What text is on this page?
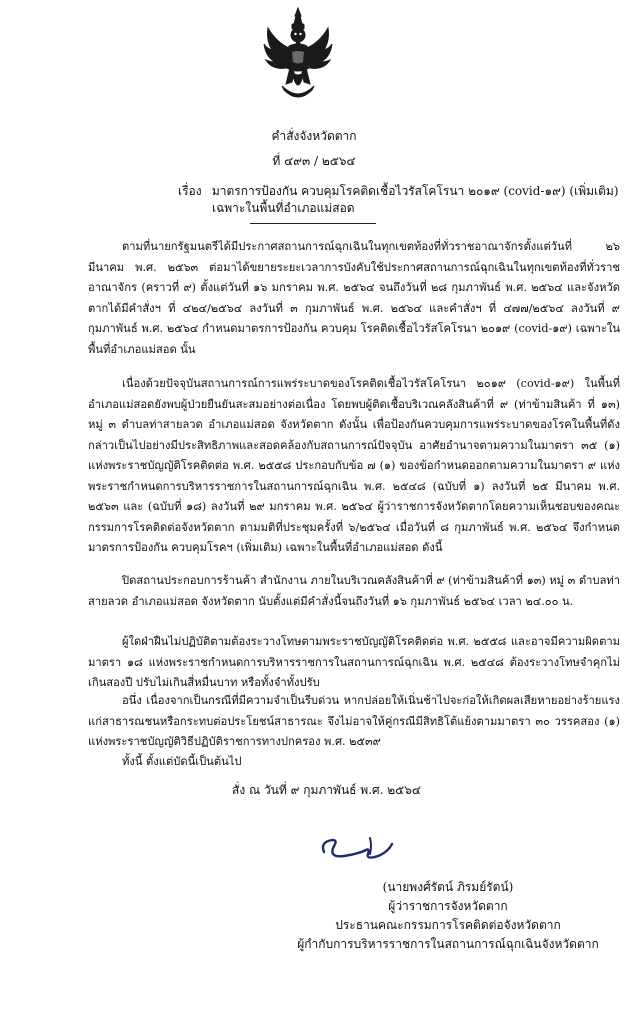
คำสั่งจังหวัดตาก
ที่ ๔๙๓ / ๒๕๖๔
เรื่อง มาตรการป้องกัน ควบคุมโรคติดเชื้อไวรัสโคโรนา ๒๐๑๙ (covid-๑๙) (เพิ่มเติม)
เฉพาะในพื้นที่อำเภอแม่สอด

ตามที่นายกรัฐมนตรีได้มีประกาศสถานการณ์ฉุกเฉินในทุกเขตท้องที่ทั่วราชอาณาจักรตั้งแต่วันที่ ๒๖ มีนาคม พ.ศ. ๒๕๖๓ ต่อมาได้ขยายระยะเวลาการบังคับใช้ประกาศสถานการณ์ฉุกเฉินในทุกเขตท้องที่ทั่วราชอาณาจักร (คราวที่ ๙) ตั้งแต่วันที่ ๑๖ มกราคม พ.ศ. ๒๕๖๔ จนถึงวันที่ ๒๘ กุมภาพันธ์ พ.ศ. ๒๕๖๔ และจังหวัดตากได้มีคำสั่งฯ ที่ ๔๒๔/๒๕๖๔ ลงวันที่ ๓ กุมภาพันธ์ พ.ศ. ๒๕๖๔ และคำสั่งฯ ที่ ๔๗๗/๒๕๖๔ ลงวันที่ ๙ กุมภาพันธ์ พ.ศ. ๒๕๖๔ กำหนดมาตรการป้องกัน ควบคุม โรคติดเชื้อไวรัสโคโรนา ๒๐๑๙ (covid-๑๙) เฉพาะในพื้นที่อำเภอแม่สอด นั้น

เนื่องด้วยปัจจุบันสถานการณ์การแพร่ระบาดของโรคติดเชื้อไวรัสโคโรนา ๒๐๑๙ (covid-๑๙) ในพื้นที่ อำเภอแม่สอดยังพบผู้ป่วยยืนยันสะสมอย่างต่อเนื่อง โดยพบผู้ติดเชื้อบริเวณคลังสินค้าที่ ๙ (ท่าข้ามสินค้า ที่ ๑๓) หมู่ ๓ ตำบลท่าสายลวด อำเภอแม่สอด จังหวัดตาก ดังนั้น เพื่อป้องกันควบคุมการแพร่ระบาดของโรคในพื้นที่ดังกล่าวเป็นไปอย่างมีประสิทธิภาพและสอดคล้องกับสถานการณ์ปัจจุบัน อาศัยอำนาจตามความในมาตรา ๓๕ (๑) แห่งพระราชบัญญัติโรคติดต่อ พ.ศ. ๒๕๕๘ ประกอบกับข้อ ๗ (๑) ของข้อกำหนดออกตามความในมาตรา ๙ แห่งพระราชกำหนดการบริหารราชการในสถานการณ์ฉุกเฉิน พ.ศ. ๒๕๔๘ (ฉบับที่ ๑) ลงวันที่ ๒๕ มีนาคม พ.ศ. ๒๕๖๓ และ (ฉบับที่ ๑๘) ลงวันที่ ๒๙ มกราคม พ.ศ. ๒๕๖๔ ผู้ว่าราชการจังหวัดตากโดยความเห็นชอบของคณะกรรมการโรคติดต่อจังหวัดตาก ตามมติที่ประชุมครั้งที่ ๖/๒๕๖๔ เมื่อวันที่ ๘ กุมภาพันธ์ พ.ศ. ๒๕๖๔ จึงกำหนดมาตรการป้องกัน ควบคุมโรคฯ (เพิ่มเติม) เฉพาะในพื้นที่อำเภอแม่สอด ดังนี้

ปิดสถานประกอบการร้านค้า สำนักงาน ภายในบริเวณคลังสินค้าที่ ๙ (ท่าข้ามสินค้าที่ ๑๓) หมู่ ๓ ตำบลท่าสายลวด อำเภอแม่สอด จังหวัดตาก นับตั้งแต่มีคำสั่งนี้จนถึงวันที่ ๑๖ กุมภาพันธ์ ๒๕๖๔ เวลา ๒๔.๐๐ น.

ผู้ใดฝ่าฝืนไม่ปฏิบัติตามต้องระวางโทษตามพระราชบัญญัติโรคติดต่อ พ.ศ. ๒๕๕๘ และอาจมีความผิดตามมาตรา ๑๘ แห่งพระราชกำหนดการบริหารราชการในสถานการณ์ฉุกเฉิน พ.ศ. ๒๕๔๘ ต้องระวางโทษจำคุกไม่เกินสองปี ปรับไม่เกินสี่หมื่นบาท หรือทั้งจำทั้งปรับ

อนึ่ง เนื่องจากเป็นกรณีที่มีความจำเป็นรีบด่วน หากปล่อยให้เนิ่นช้าไปจะก่อให้เกิดผลเสียหายอย่างร้ายแรงแก่สาธารณชนหรือกระทบต่อประโยชน์สาธารณะ จึงไม่อาจให้คู่กรณีมีสิทธิโต้แย้งตามมาตรา ๓๐ วรรคสอง (๑) แห่งพระราชบัญญัติวิธีปฏิบัติราชการทางปกครอง พ.ศ. ๒๕๓๙

ทั้งนี้ ตั้งแต่บัดนี้เป็นต้นไป

สั่ง ณ วันที่ ๙ กุมภาพันธ์ พ.ศ. ๒๕๖๔
(นายพงศ์รัตน์ ภิรมย์รัตน์)
ผู้ว่าราชการจังหวัดตาก
ประธานคณะกรรมการโรคติดต่อจังหวัดตาก
ผู้กำกับการบริหารราชการในสถานการณ์ฉุกเฉินจังหวัดตาก
